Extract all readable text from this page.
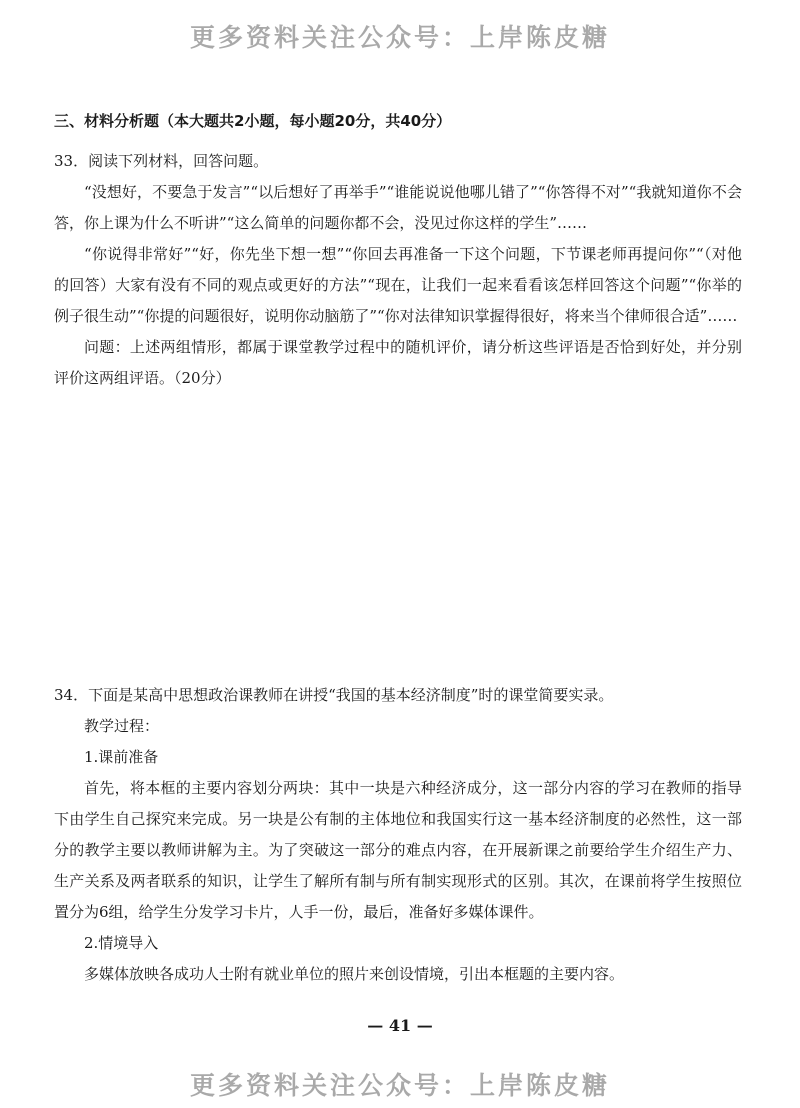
更多资料关注公众号：上岸陈皮糖
三、材料分析题（本大题共2小题，每小题20分，共40分）

33．阅读下列材料，回答问题。

“没想好，不要急于发言”“以后想好了再举手”“谁能说说他哪儿错了”“你答得不对”“我就知道你不会答，你上课为什么不听讲”“这么简单的问题你都不会，没见过你这样的学生”……

“你说得非常好”“好，你先坐下想一想”“你回去再准备一下这个问题，下节课老师再提问你”“（对他的回答）大家有没有不同的观点或更好的方法”“现在，让我们一起来看看该怎样回答这个问题”“你举的例子很生动”“你提的问题很好，说明你动脑筋了”“你对法律知识掌握得很好，将来当个律师很合适”……

问题：上述两组情形，都属于课堂教学过程中的随机评价，请分析这些评语是否恰到好处，并分别评价这两组评语。（20分）

34．下面是某高中思想政治课教师在讲授“我国的基本经济制度”时的课堂简要实录。

教学过程：

1.课前准备

首先，将本框的主要内容划分两块：其中一块是六种经济成分，这一部分内容的学习在教师的指导下由学生自己探究来完成。另一块是公有制的主体地位和我国实行这一基本经济制度的必然性，这一部分的教学主要以教师讲解为主。为了突破这一部分的难点内容，在开展新课之前要给学生介绍生产力、生产关系及两者联系的知识，让学生了解所有制与所有制实现形式的区别。其次，在课前将学生按照位置分为6组，给学生分发学习卡片，人手一份，最后，准备好多媒体课件。

2.情境导入

多媒体放映各成功人士附有就业单位的照片来创设情境，引出本框题的主要内容。

— 41 —
更多资料关注公众号：上岸陈皮糖
